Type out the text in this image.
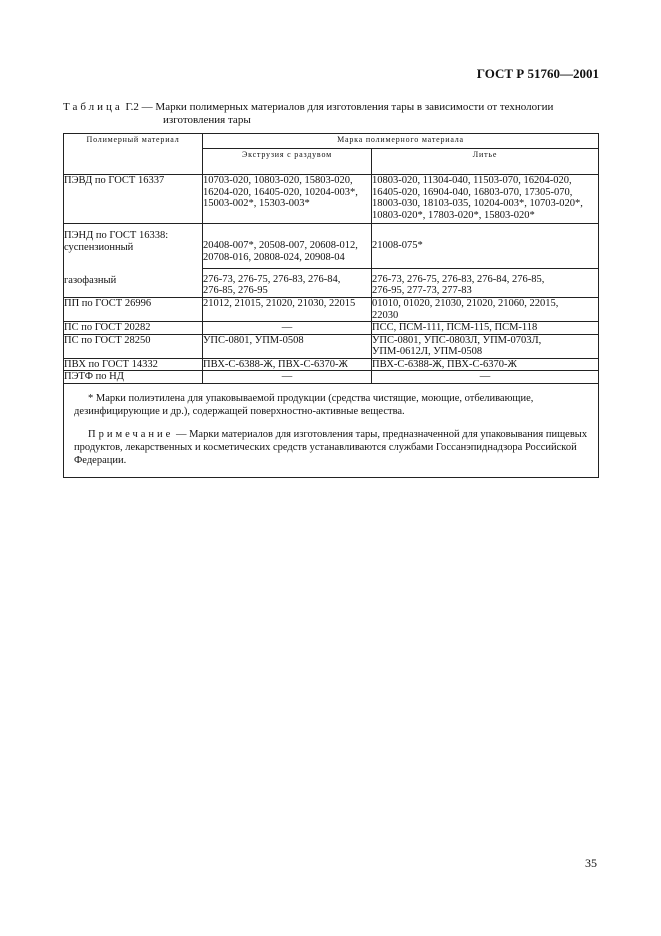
ГОСТ Р 51760—2001
Таблица Г.2 — Марки полимерных материалов для изготовления тары в зависимости от технологии
изготовления тары
Полимерный материал	Марка полимерного материала	
	Экструзия с раздувом	Литье
ПЭВД по ГОСТ 16337	10703-020, 10803-020, 15803-020,
16204-020, 16405-020, 10204-003*,
15003-002*, 15303-003*	10803-020, 11304-040, 11503-070, 16204-020,
16405-020, 16904-040, 16803-070, 17305-070,
18003-030, 18103-035, 10204-003*, 10703-020*,
10803-020*, 17803-020*, 15803-020*
ПЭНД по ГОСТ 16338:
суспензионный	20408-007*, 20508-007, 20608-012,
20708-016, 20808-024, 20908-04	21008-075*
газофазный	276-73, 276-75, 276-83, 276-84,
276-85, 276-95	276-73, 276-75, 276-83, 276-84, 276-85,
276-95, 277-73, 277-83
ПП по ГОСТ 26996	21012, 21015, 21020, 21030, 22015	01010, 01020, 21030, 21020, 21060, 22015,
22030
ПС по ГОСТ 20282	—	ПСС, ПСМ-111, ПСМ-115, ПСМ-118
ПС по ГОСТ 28250	УПС-0801, УПМ-0508	УПС-0801, УПС-0803Л, УПМ-0703Л,
УПМ-0612Л, УПМ-0508
ПВХ по ГОСТ 14332	ПВХ-С-6388-Ж, ПВХ-С-6370-Ж	ПВХ-С-6388-Ж, ПВХ-С-6370-Ж
ПЭТФ по НД	—	—

* Марки полиэтилена для упаковываемой продукции (средства чистящие, моющие, отбеливающие, дезинфицирующие и др.), содержащей поверхностно-активные вещества.

Примечание — Марки материалов для изготовления тары, предназначенной для упаковывания пищевых продуктов, лекарственных и косметических средств устанавливаются службами Госсанэпиднадзора Российской Федерации.		

35
